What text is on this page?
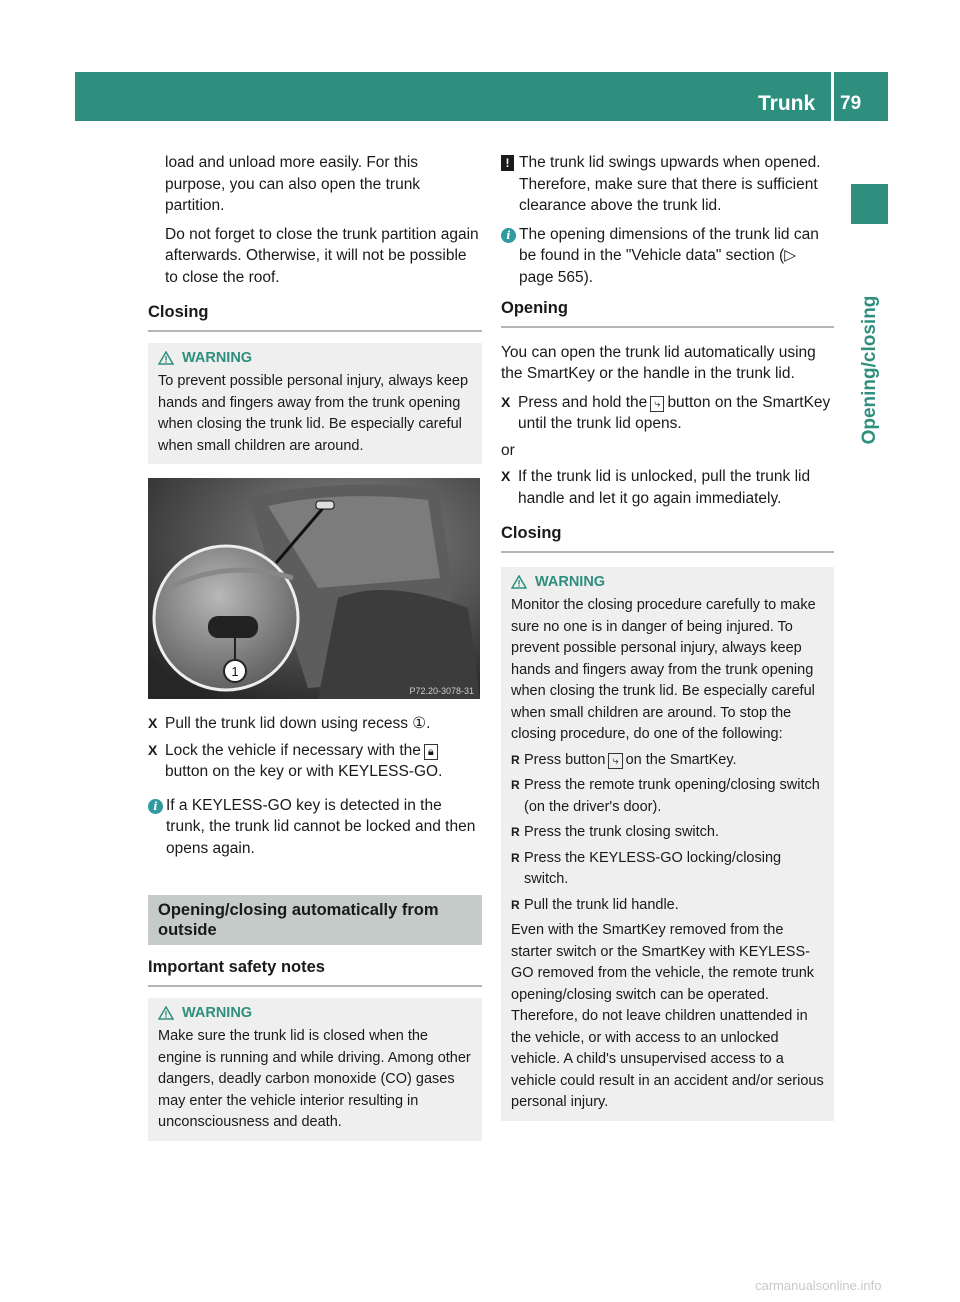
Trunk 79
Opening/closing

load and unload more easily. For this purpose, you can also open the trunk partition.

Do not forget to close the trunk partition again afterwards. Otherwise, it will not be possible to close the roof.

Closing
WARNING
To prevent possible personal injury, always keep hands and fingers away from the trunk opening when closing the trunk lid. Be especially careful when small children are around.
1
P72.20-3078-31
X Pull the trunk lid down using recess ①.
X Lock the vehicle if necessary with the 🔒︎button on the key or with KEYLESS-GO.
i If a KEYLESS-GO key is detected in the trunk, the trunk lid cannot be locked and then opens again.
Opening/closing automatically from outside
Important safety notes
WARNING
Make sure the trunk lid is closed when the engine is running and while driving. Among other dangers, deadly carbon monoxide (CO) gases may enter the vehicle interior resulting in unconsciousness and death.
! The trunk lid swings upwards when opened. Therefore, make sure that there is sufficient clearance above the trunk lid.
i The opening dimensions of the trunk lid can be found in the "Vehicle data" section (▷ page 565).
Opening

You can open the trunk lid automatically using the SmartKey or the handle in the trunk lid.

X Press and hold the ⤷ button on the SmartKey until the trunk lid opens.

or

X If the trunk lid is unlocked, pull the trunk lid handle and let it go again immediately.
Closing
WARNING
Monitor the closing procedure carefully to make sure no one is in danger of being injured. To prevent possible personal injury, always keep hands and fingers away from the trunk opening when closing the trunk lid. Be especially careful when small children are around. To stop the closing procedure, do one of the following:
R Press button ⤷ on the SmartKey.
R Press the remote trunk opening/closing switch (on the driver's door).
R Press the trunk closing switch.
R Press the KEYLESS-GO locking/closing switch.
R Pull the trunk lid handle.
Even with the SmartKey removed from the starter switch or the SmartKey with KEYLESS-GO removed from the vehicle, the remote trunk opening/closing switch can be operated. Therefore, do not leave children unattended in the vehicle, or with access to an unlocked vehicle. A child's unsupervised access to a vehicle could result in an accident and/or serious personal injury.
carmanualsonline.info
